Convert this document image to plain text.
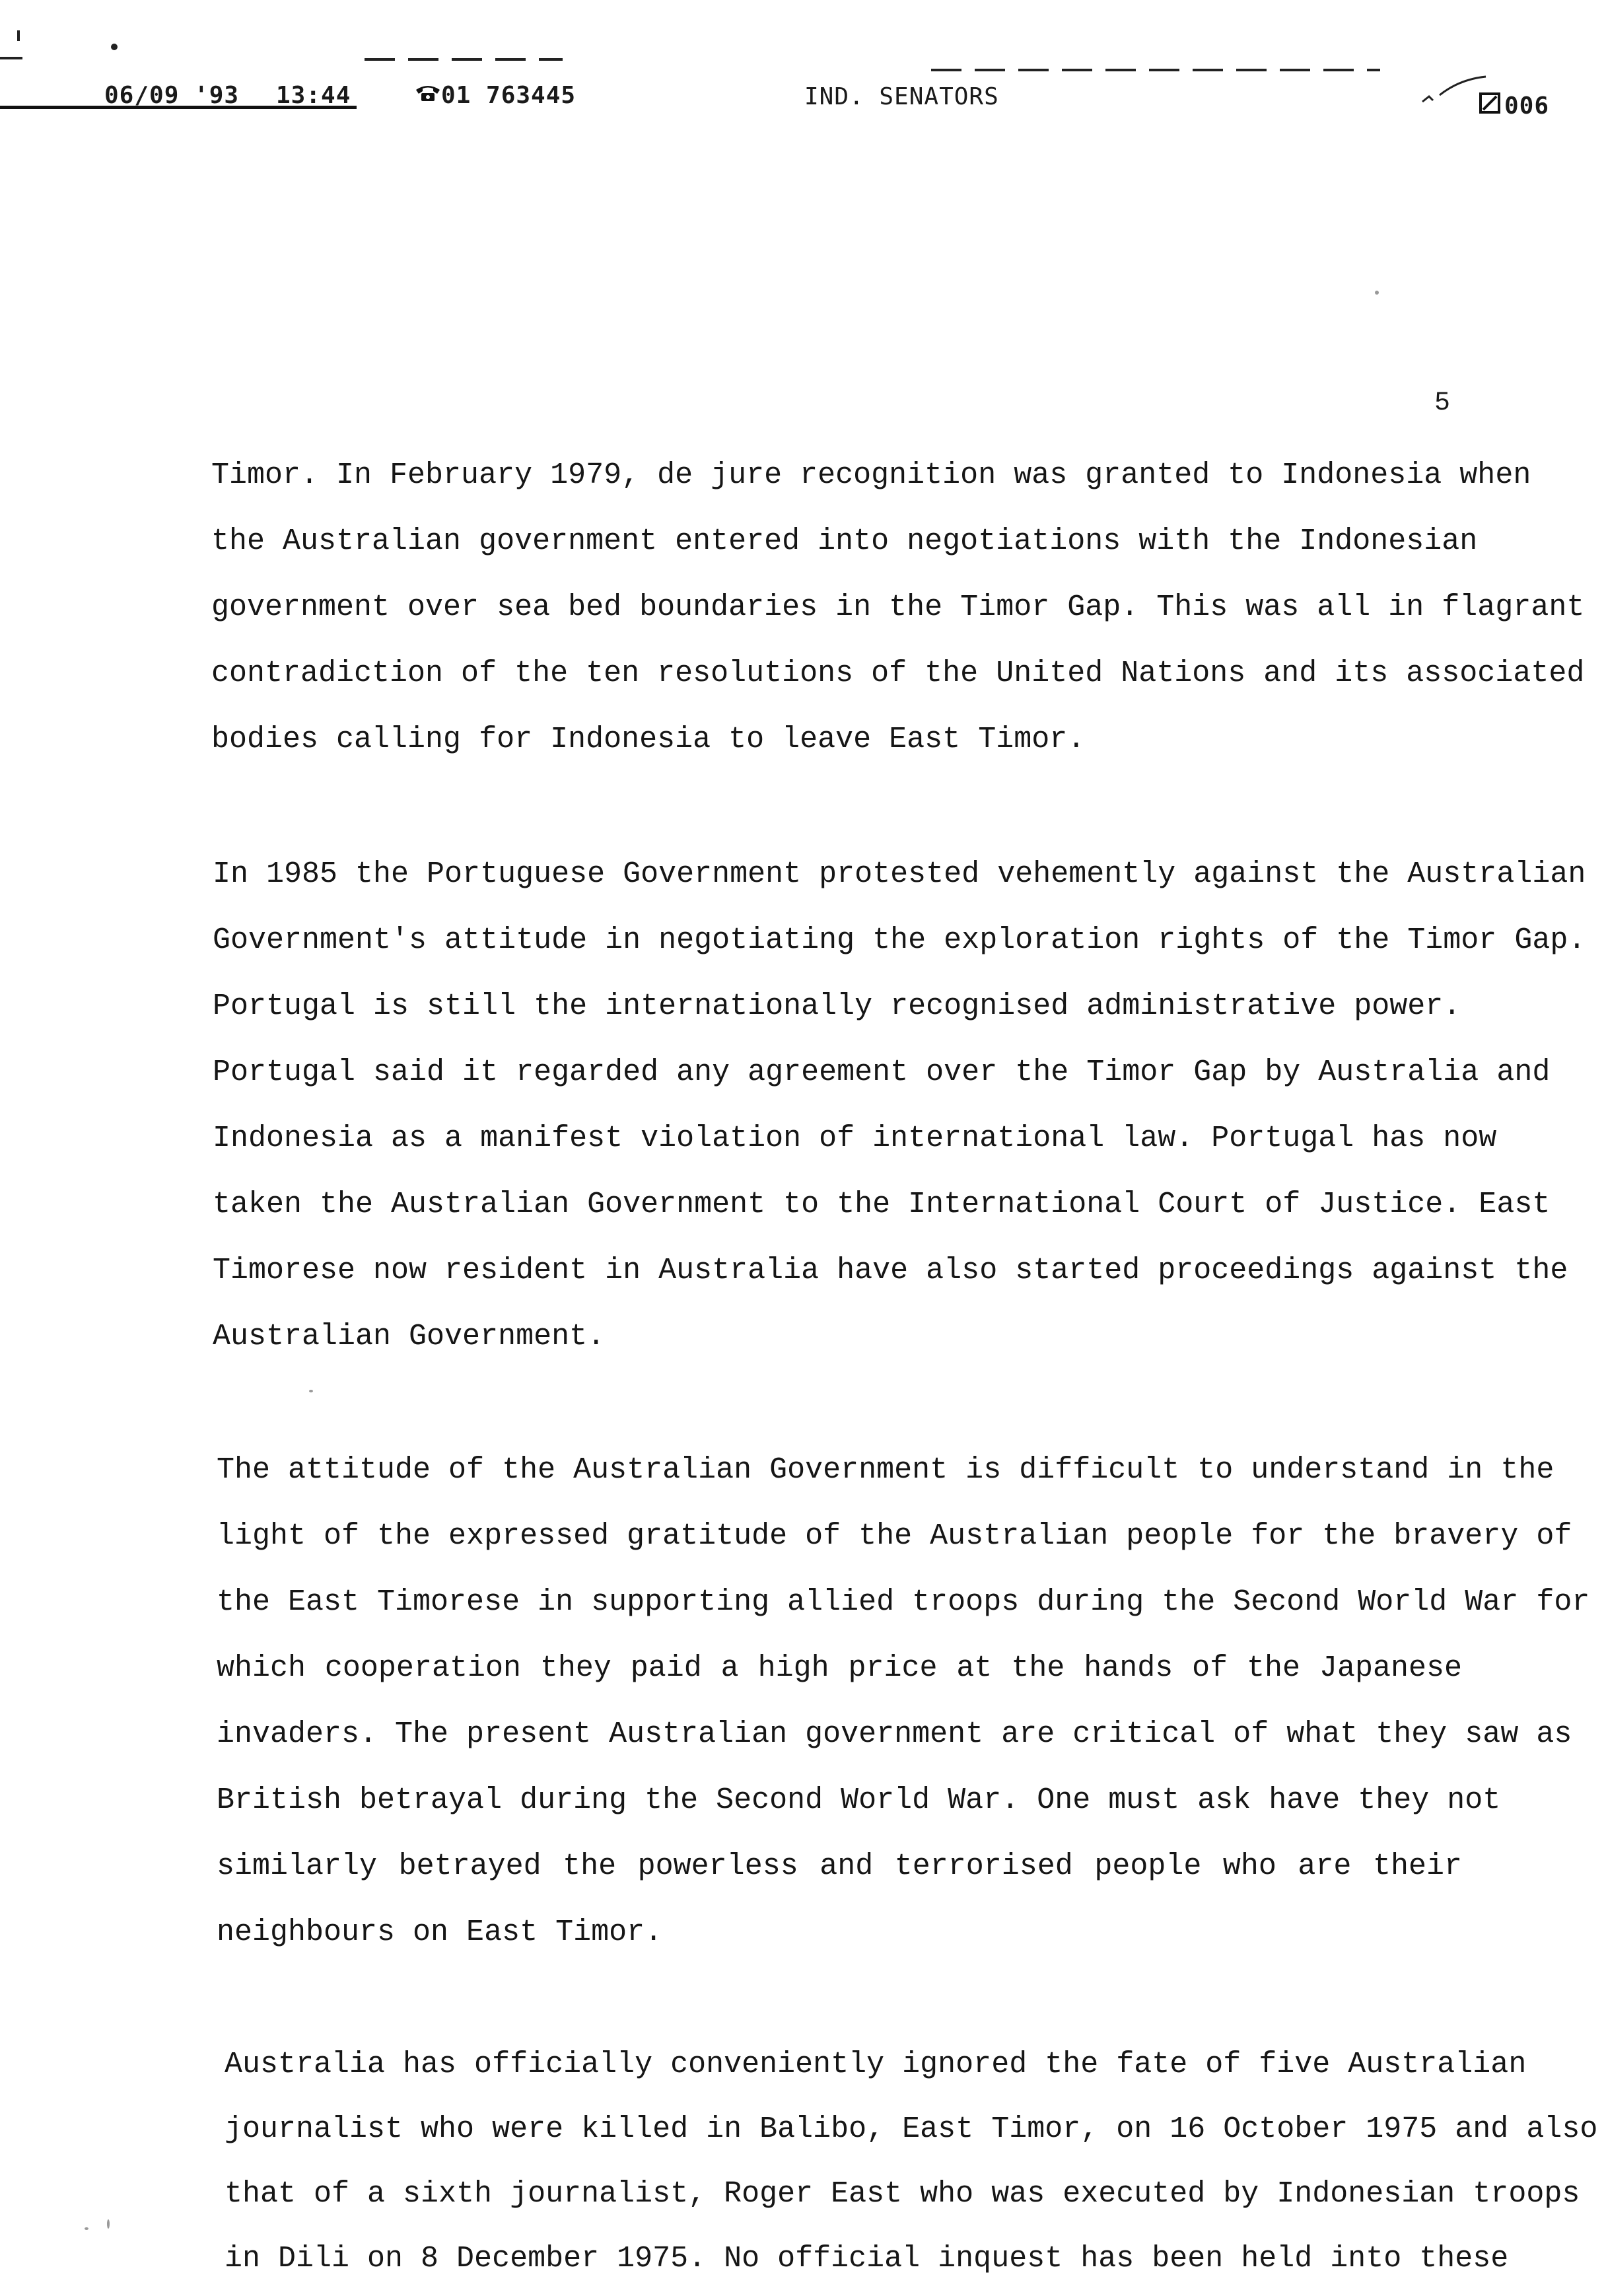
06/09 '93 13:44	01 763445	IND. SENATORS	006
5
Timor. In February 1979, de jure recognition was granted to Indonesia when
the Australian government entered into negotiations with the Indonesian
government over sea bed boundaries in the Timor Gap. This was all in flagrant
contradiction of the ten resolutions of the United Nations and its associated
bodies calling for Indonesia to leave East Timor.
In 1985 the Portuguese Government protested vehemently against the Australian
Government's attitude in negotiating the exploration rights of the Timor Gap.
Portugal is still the internationally recognised administrative power.
Portugal said it regarded any agreement over the Timor Gap by Australia and
Indonesia as a manifest violation of international law. Portugal has now
taken the Australian Government to the International Court of Justice. East
Timorese now resident in Australia have also started proceedings against the
Australian Government.
The attitude of the Australian Government is difficult to understand in the
light of the expressed gratitude of the Australian people for the bravery of
the East Timorese in supporting allied troops during the Second World War for
which cooperation they paid a high price at the hands of the Japanese
invaders. The present Australian government are critical of what they saw as
British betrayal during the Second World War. One must ask have they not
similarly betrayed the powerless and terrorised people who are their
neighbours on East Timor.
Australia has officially conveniently ignored the fate of five Australian
journalist who were killed in Balibo, East Timor, on 16 October 1975 and also
that of a sixth journalist, Roger East who was executed by Indonesian troops
in Dili on 8 December 1975. No official inquest has been held into these
